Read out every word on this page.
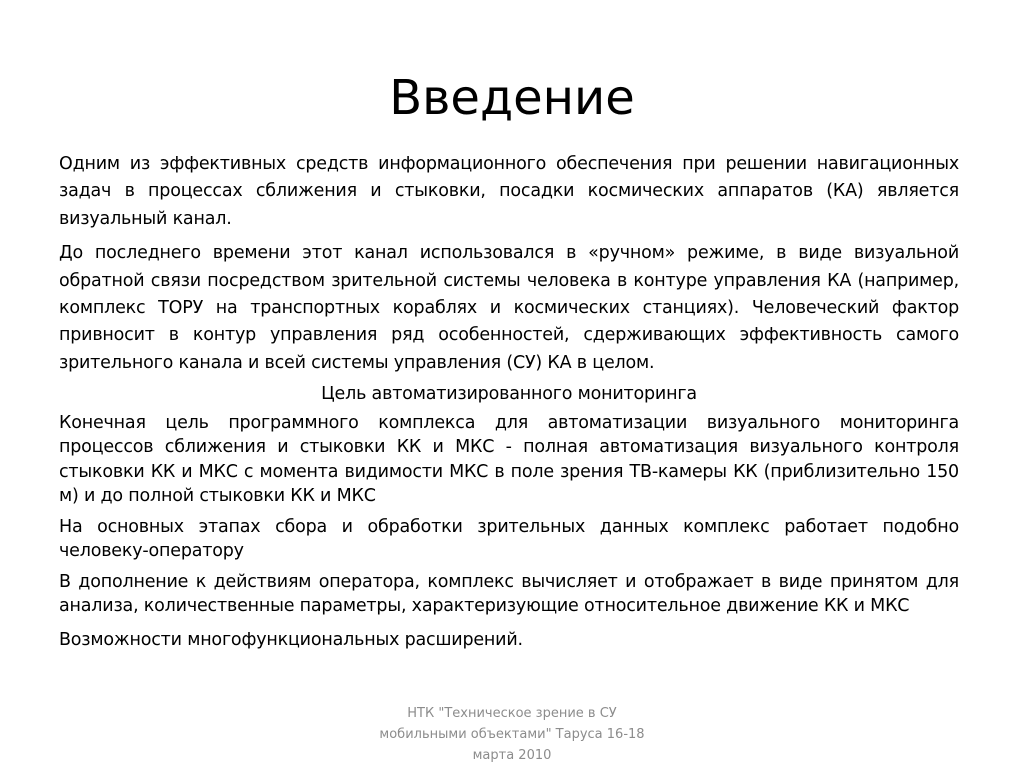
Введение

Одним из эффективных средств информационного обеспечения при решении навигационных задач в процессах сближения и стыковки, посадки космических аппаратов (КА) является визуальный канал.

До последнего времени этот канал использовался в «ручном» режиме, в виде визуальной обратной связи посредством зрительной системы человека в контуре управления КА (например, комплекс ТОРУ на транспортных кораблях и космических станциях). Человеческий фактор привносит в контур управления ряд особенностей, сдерживающих эффективность самого зрительного канала и всей системы управления (СУ) КА в целом.

Цель автоматизированного мониторинга

Конечная цель программного комплекса для автоматизации визуального мониторинга процессов сближения и стыковки КК и МКС - полная автоматизация визуального контроля стыковки КК и МКС с момента видимости МКС в поле зрения ТВ-камеры КК (приблизительно 150 м) и до полной стыковки КК и МКС

На основных этапах сбора и обработки зрительных данных комплекс работает подобно человеку-оператору

В дополнение к действиям оператора, комплекс вычисляет и отображает в виде принятом для анализа, количественные параметры, характеризующие относительное движение КК и МКС

Возможности многофункциональных расширений.

НТК "Техническое зрение в СУ мобильными объектами" Таруса 16-18 марта 2010
